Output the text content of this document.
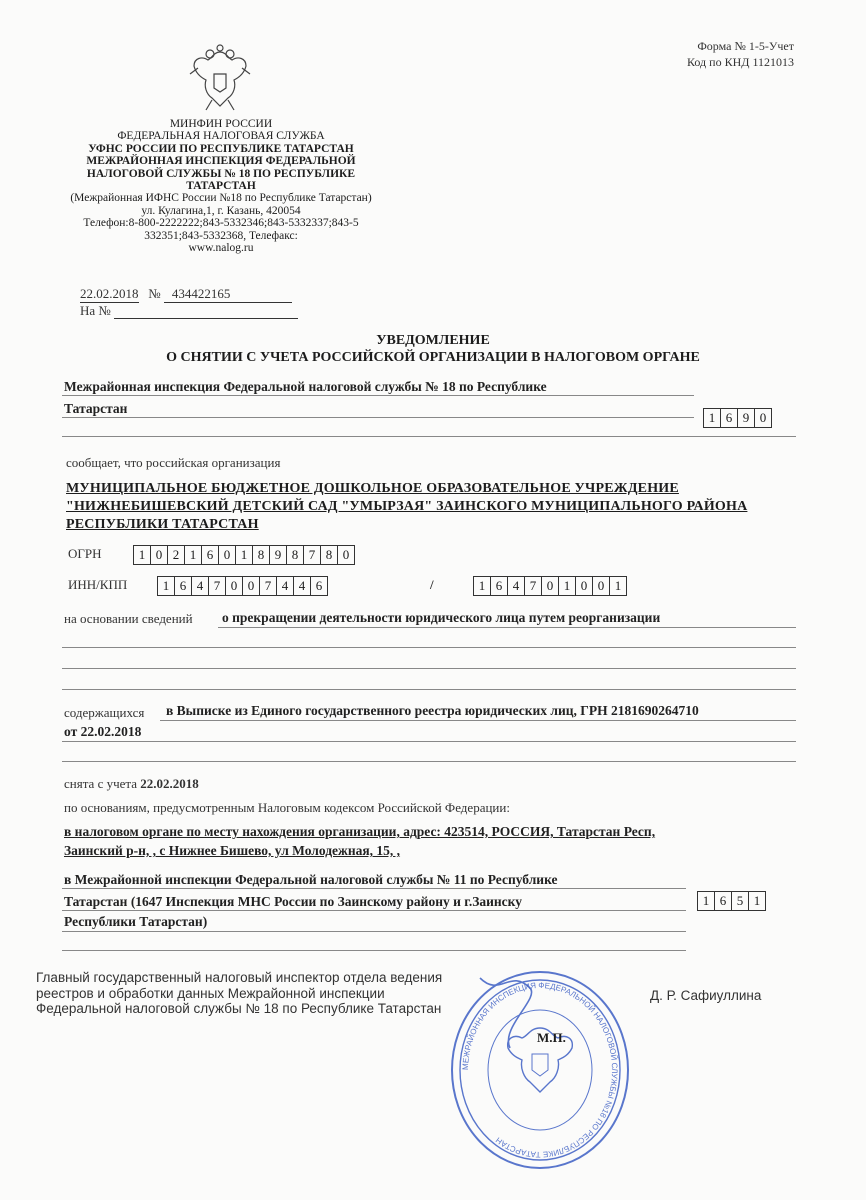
Форма № 1-5-Учет
Код по КНД 1121013
МИНФИН РОССИИ
ФЕДЕРАЛЬНАЯ НАЛОГОВАЯ СЛУЖБА
УФНС РОССИИ ПО РЕСПУБЛИКЕ ТАТАРСТАН
МЕЖРАЙОННАЯ ИНСПЕКЦИЯ ФЕДЕРАЛЬНОЙ НАЛОГОВОЙ СЛУЖБЫ № 18 ПО РЕСПУБЛИКЕ ТАТАРСТАН
(Межрайонная ИФНС России №18 по Республике Татарстан)
ул. Кулагина,1, г. Казань, 420054
Телефон:8-800-2222222;843-5332346;843-5332337;843-5 332351;843-5332368, Телефакс:
www.nalog.ru
22.02.2018 № 434422165
На №
УВЕДОМЛЕНИЕ
О СНЯТИИ С УЧЕТА РОССИЙСКОЙ ОРГАНИЗАЦИИ В НАЛОГОВОМ ОРГАНЕ
Межрайонная инспекция Федеральной налоговой службы № 18 по Республике
Татарстан
1 6 9 0
сообщает, что российская организация
МУНИЦИПАЛЬНОЕ БЮДЖЕТНОЕ ДОШКОЛЬНОЕ ОБРАЗОВАТЕЛЬНОЕ УЧРЕЖДЕНИЕ "НИЖНЕБИШЕВСКИЙ ДЕТСКИЙ САД "УМЫРЗАЯ" ЗАИНСКОГО МУНИЦИПАЛЬНОГО РАЙОНА РЕСПУБЛИКИ ТАТАРСТАН
ОГРН	1 0 2 1 6 0 1 8 9 8 7 8 0
ИНН/КПП	1 6 4 7 0 0 7 4 4 6	/	1 6 4 7 0 1 0 0 1
на основании сведений о прекращении деятельности юридического лица путем реорганизации
содержащихся в Выписке из Единого государственного реестра юридических лиц, ГРН 2181690264710
от 22.02.2018
снята с учета 22.02.2018
по основаниям, предусмотренным Налоговым кодексом Российской Федерации:
в налоговом органе по месту нахождения организации, адрес: 423514, РОССИЯ, Татарстан Респ,
Заинский р-н, , с Нижнее Бишево, ул Молодежная, 15, ,
в Межрайонной инспекции Федеральной налоговой службы № 11 по Республике
Татарстан (1647 Инспекция МНС России по Заинскому району и г.Заинску
Республики Татарстан)
1 6 5 1
Главный государственный налоговый инспектор отдела ведения реестров и обработки данных Межрайонной инспекции Федеральной налоговой службы № 18 по Республике Татарстан
Д. Р. Сафиуллина
МЕЖРАЙОННАЯ ИНСПЕКЦИЯ ФЕДЕРАЛЬНОЙ НАЛОГОВОЙ СЛУЖБЫ №18 ПО РЕСПУБЛИКЕ ТАТАРСТАН
М.П.
